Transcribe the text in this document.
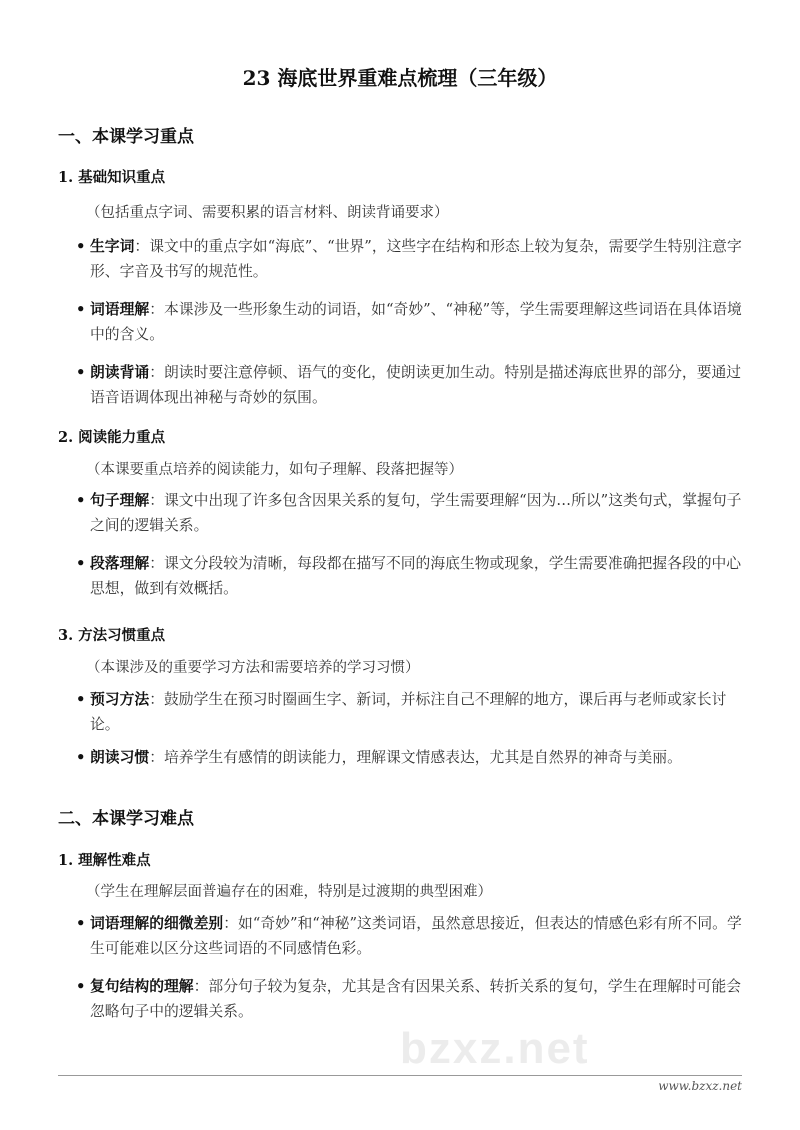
bzxz.net
23 海底世界重难点梳理（三年级）
一、本课学习重点
1. 基础知识重点
（包括重点字词、需要积累的语言材料、朗读背诵要求）
• 生字词：课文中的重点字如“海底”、“世界”，这些字在结构和形态上较为复杂，需要学生特别注意字形、字音及书写的规范性。
• 词语理解：本课涉及一些形象生动的词语，如“奇妙”、“神秘”等，学生需要理解这些词语在具体语境中的含义。
• 朗读背诵：朗读时要注意停顿、语气的变化，使朗读更加生动。特别是描述海底世界的部分，要通过语音语调体现出神秘与奇妙的氛围。
2. 阅读能力重点
（本课要重点培养的阅读能力，如句子理解、段落把握等）
• 句子理解：课文中出现了许多包含因果关系的复句，学生需要理解“因为…所以”这类句式，掌握句子之间的逻辑关系。
• 段落理解：课文分段较为清晰，每段都在描写不同的海底生物或现象，学生需要准确把握各段的中心思想，做到有效概括。
3. 方法习惯重点
（本课涉及的重要学习方法和需要培养的学习习惯）
• 预习方法：鼓励学生在预习时圈画生字、新词，并标注自己不理解的地方，课后再与老师或家长讨论。
• 朗读习惯：培养学生有感情的朗读能力，理解课文情感表达，尤其是自然界的神奇与美丽。
二、本课学习难点
1. 理解性难点
（学生在理解层面普遍存在的困难，特别是过渡期的典型困难）
• 词语理解的细微差别：如“奇妙”和“神秘”这类词语，虽然意思接近，但表达的情感色彩有所不同。学生可能难以区分这些词语的不同感情色彩。
• 复句结构的理解：部分句子较为复杂，尤其是含有因果关系、转折关系的复句，学生在理解时可能会忽略句子中的逻辑关系。
www.bzxz.net
